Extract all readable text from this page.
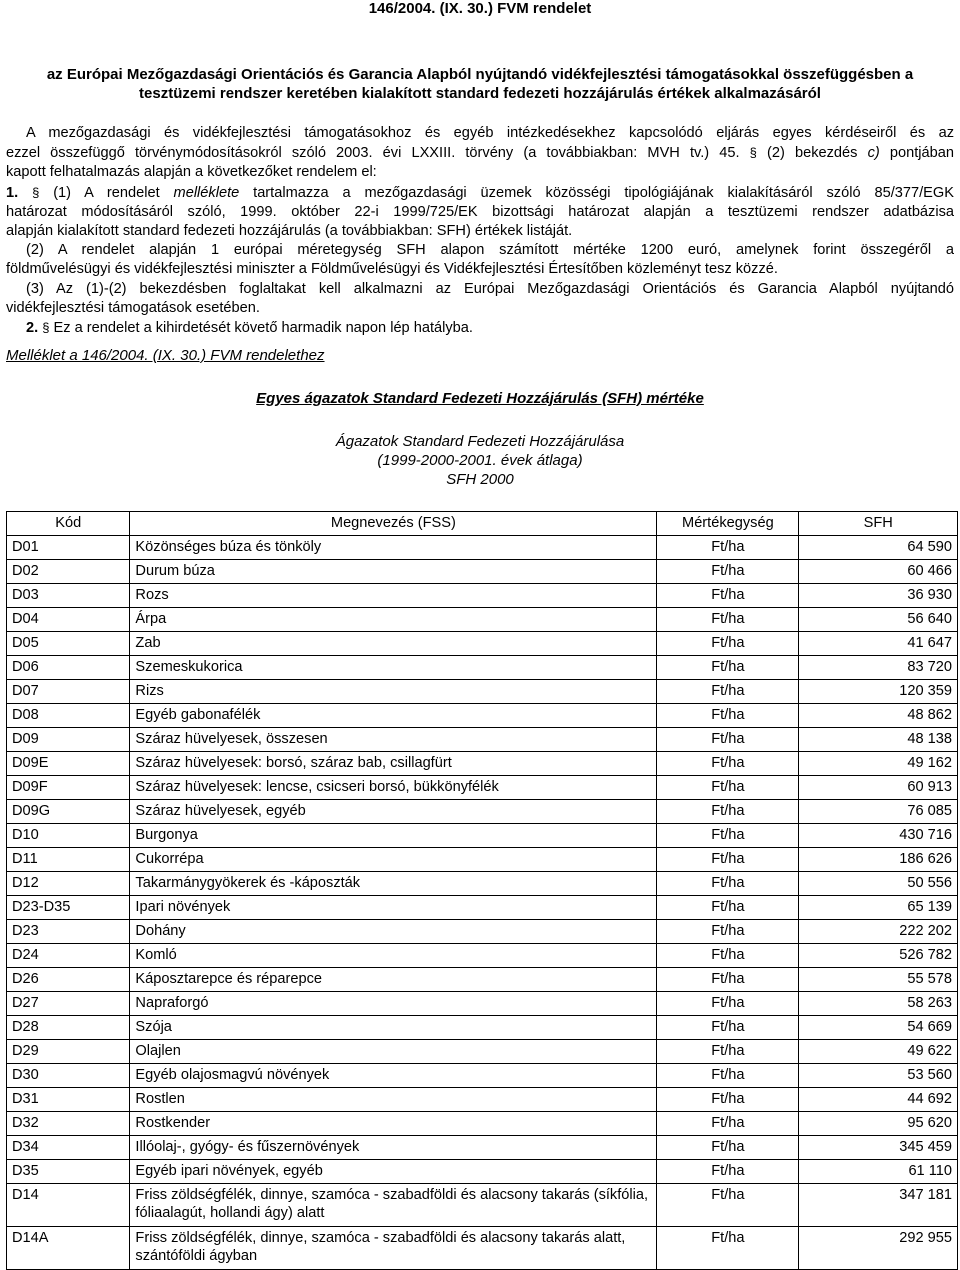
146/2004. (IX. 30.) FVM rendelet
az Európai Mezőgazdasági Orientációs és Garancia Alapból nyújtandó vidékfejlesztési támogatásokkal összefüggésben a
tesztüzemi rendszer keretében kialakított standard fedezeti hozzájárulás értékek alkalmazásáról

A mezőgazdasági és vidékfejlesztési támogatásokhoz és egyéb intézkedésekhez kapcsolódó eljárás egyes kérdéseiről és az

ezzel összefüggő törvénymódosításokról szóló 2003. évi LXXIII. törvény (a továbbiakban: MVH tv.) 45. § (2) bekezdés c) pontjában

kapott felhatalmazás alapján a következőket rendelem el:

1. § (1) A rendelet melléklete tartalmazza a mezőgazdasági üzemek közösségi tipológiájának kialakításáról szóló 85/377/EGK

határozat módosításáról szóló, 1999. október 22-i 1999/725/EK bizottsági határozat alapján a tesztüzemi rendszer adatbázisa

alapján kialakított standard fedezeti hozzájárulás (a továbbiakban: SFH) értékek listáját.

(2) A rendelet alapján 1 európai méretegység SFH alapon számított mértéke 1200 euró, amelynek forint összegéről a

földművelésügyi és vidékfejlesztési miniszter a Földművelésügyi és Vidékfejlesztési Értesítőben közleményt tesz közzé.

(3) Az (1)-(2) bekezdésben foglaltakat kell alkalmazni az Európai Mezőgazdasági Orientációs és Garancia Alapból nyújtandó

vidékfejlesztési támogatások esetében.

2. § Ez a rendelet a kihirdetését követő harmadik napon lép hatályba.

Melléklet a 146/2004. (IX. 30.) FVM rendelethez
Egyes ágazatok Standard Fedezeti Hozzájárulás (SFH) mértéke
Ágazatok Standard Fedezeti Hozzájárulása
(1999-2000-2001. évek átlaga)
SFH 2000
Kód	Megnevezés (FSS)	Mértékegység	SFH
D01	Közönséges búza és tönköly	Ft/ha	64 590
D02	Durum búza	Ft/ha	60 466
D03	Rozs	Ft/ha	36 930
D04	Árpa	Ft/ha	56 640
D05	Zab	Ft/ha	41 647
D06	Szemeskukorica	Ft/ha	83 720
D07	Rizs	Ft/ha	120 359
D08	Egyéb gabonafélék	Ft/ha	48 862
D09	Száraz hüvelyesek, összesen	Ft/ha	48 138
D09E	Száraz hüvelyesek: borsó, száraz bab, csillagfürt	Ft/ha	49 162
D09F	Száraz hüvelyesek: lencse, csicseri borsó, bükkönyfélék	Ft/ha	60 913
D09G	Száraz hüvelyesek, egyéb	Ft/ha	76 085
D10	Burgonya	Ft/ha	430 716
D11	Cukorrépa	Ft/ha	186 626
D12	Takarmánygyökerek és -káposzták	Ft/ha	50 556
D23-D35	Ipari növények	Ft/ha	65 139
D23	Dohány	Ft/ha	222 202
D24	Komló	Ft/ha	526 782
D26	Káposztarepce és réparepce	Ft/ha	55 578
D27	Napraforgó	Ft/ha	58 263
D28	Szója	Ft/ha	54 669
D29	Olajlen	Ft/ha	49 622
D30	Egyéb olajosmagvú növények	Ft/ha	53 560
D31	Rostlen	Ft/ha	44 692
D32	Rostkender	Ft/ha	95 620
D34	Illóolaj-, gyógy- és fűszernövények	Ft/ha	345 459
D35	Egyéb ipari növények, egyéb	Ft/ha	61 110
D14	Friss zöldségfélék, dinnye, szamóca - szabadföldi és alacsony takarás (síkfólia, fóliaalagút, hollandi ágy) alatt	Ft/ha	347 181
D14A	Friss zöldségfélék, dinnye, szamóca - szabadföldi és alacsony takarás alatt, szántóföldi ágyban	Ft/ha	292 955
